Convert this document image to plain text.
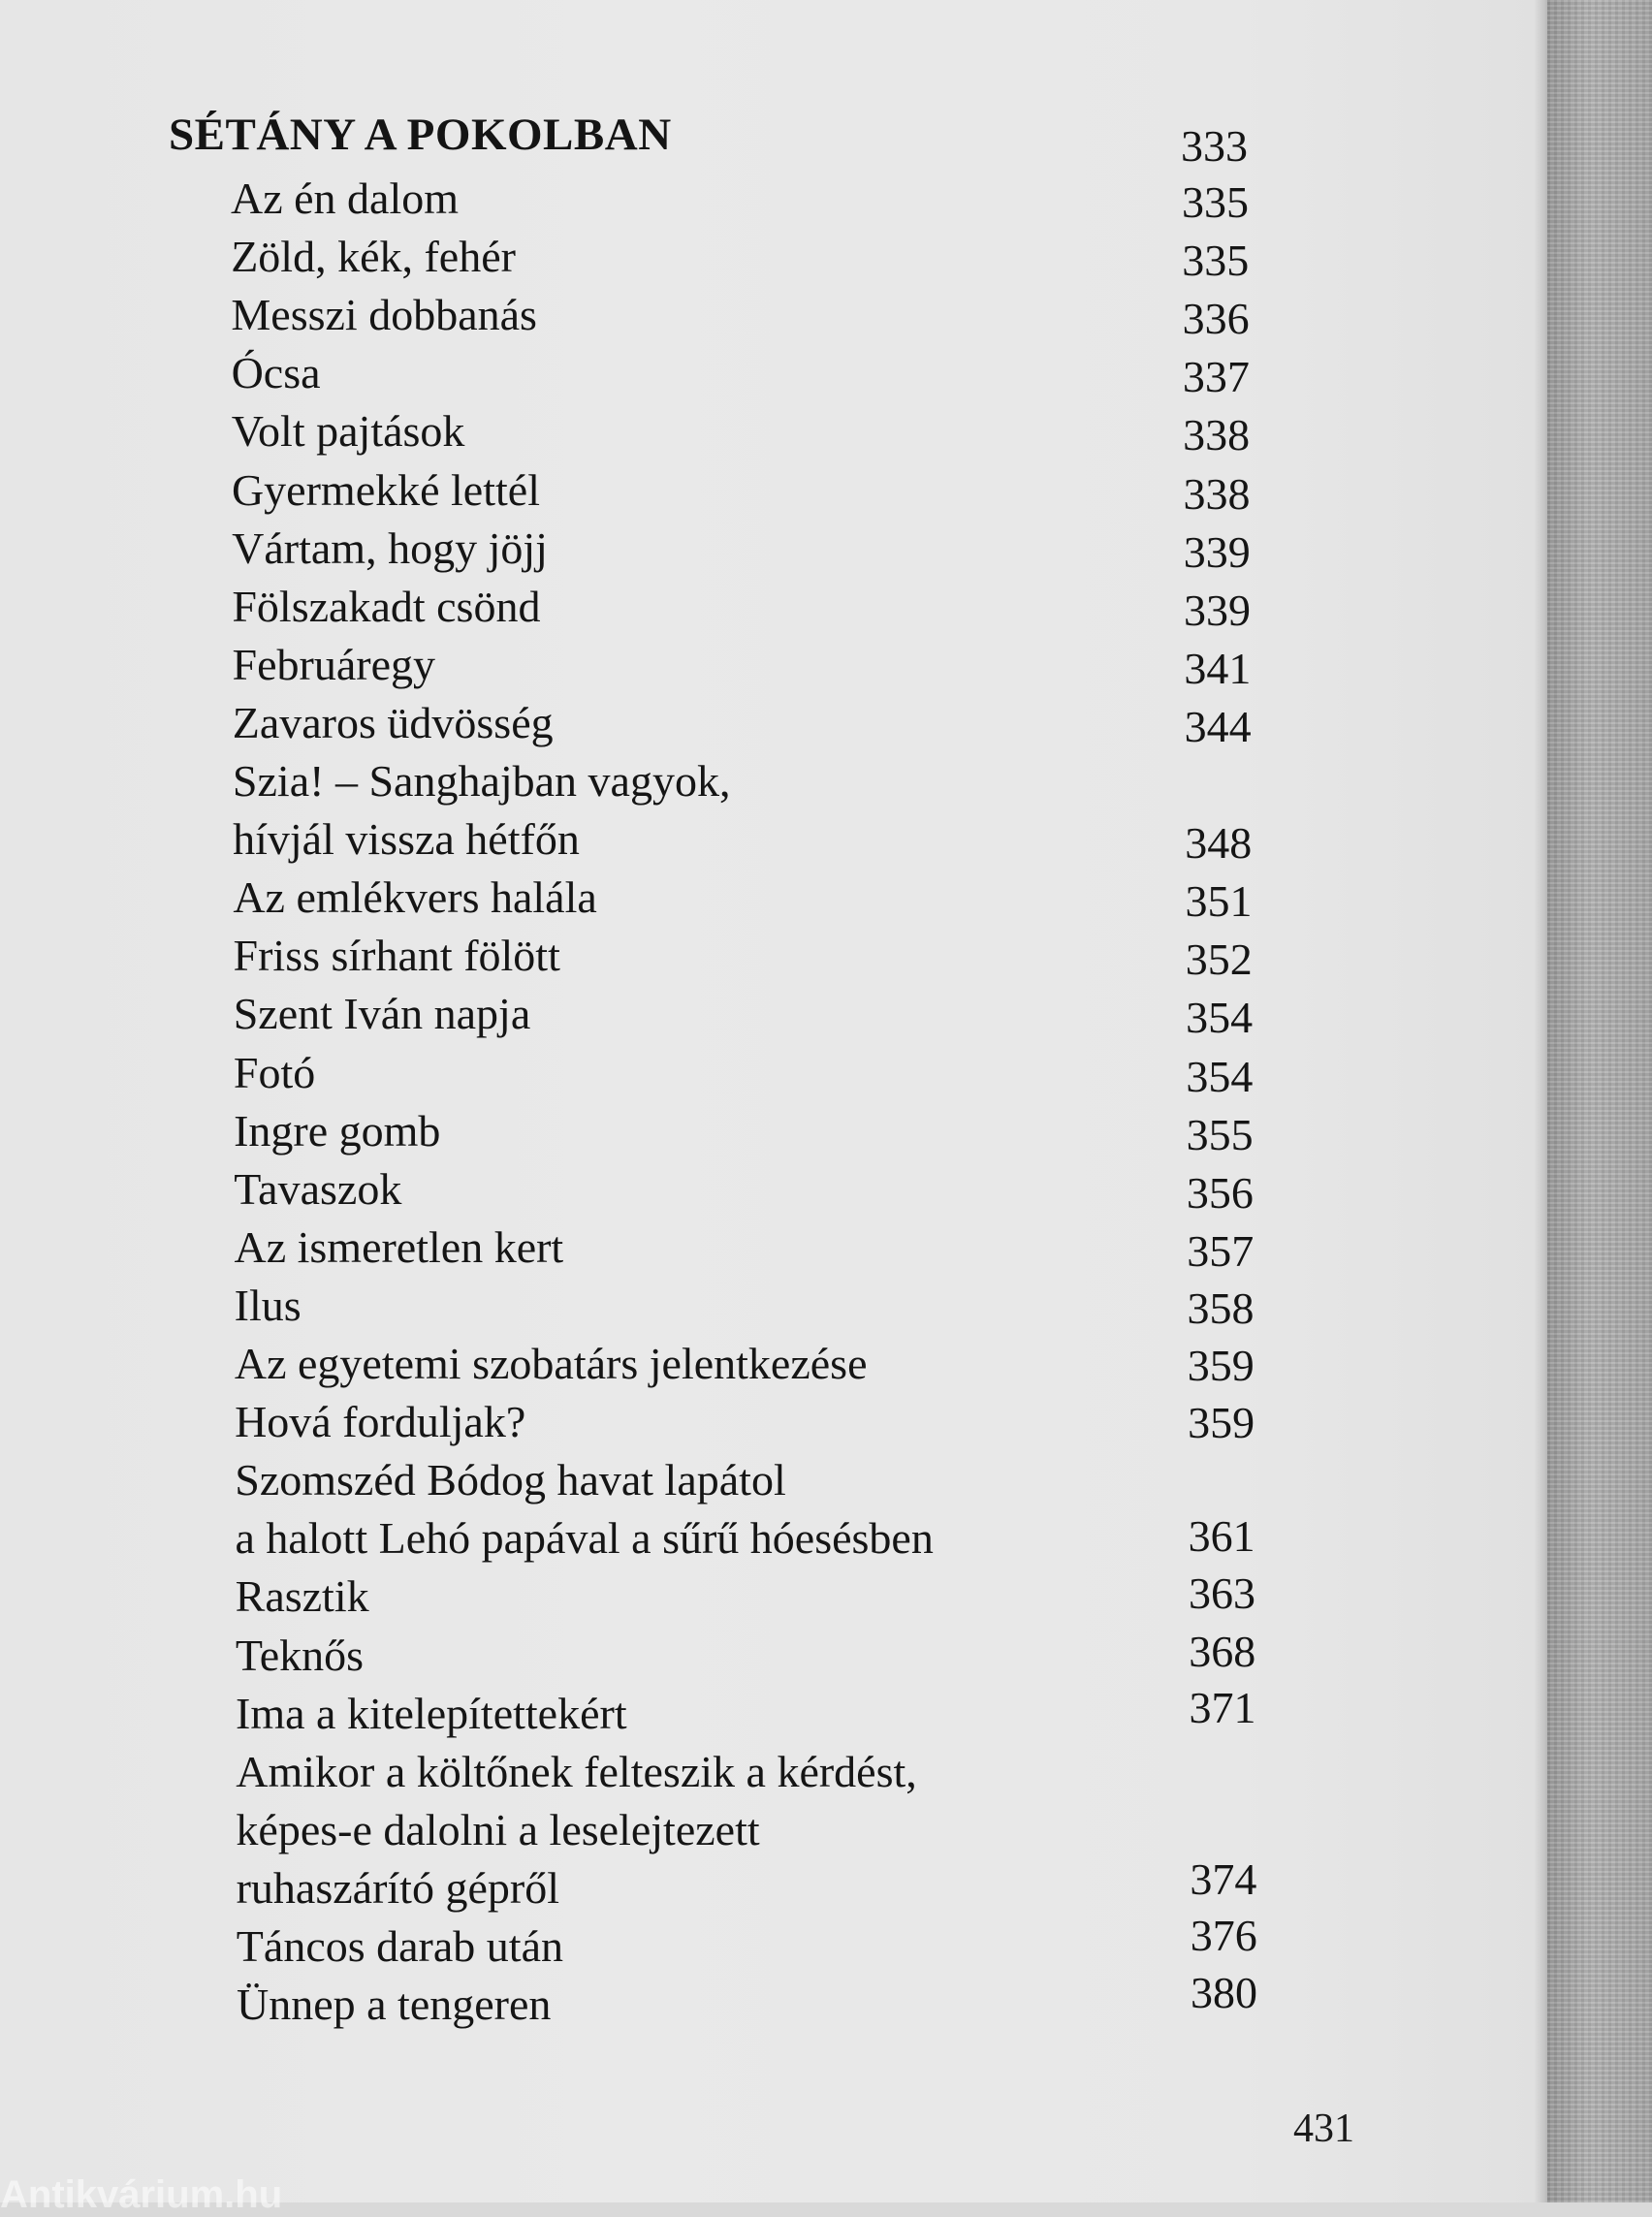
SÉTÁNY A POKOLBAN	333
Az én dalom	335
Zöld, kék, fehér	335
Messzi dobbanás	336
Ócsa	337
Volt pajtások	338
Gyermekké lettél	338
Vártam, hogy jöjj	339
Fölszakadt csönd	339
Februáregy	341
Zavaros üdvösség	344
Szia! – Sanghajban vagyok,
hívjál vissza hétfőn	348
Az emlékvers halála	351
Friss sírhant fölött	352
Szent Iván napja	354
Fotó	354
Ingre gomb	355
Tavaszok	356
Az ismeretlen kert	357
Ilus	358
Az egyetemi szobatárs jelentkezése	359
Hová forduljak?	359
Szomszéd Bódog havat lapátol
a halott Lehó papával a sűrű hóesésben	361
Rasztik	363
Teknős	368
Ima a kitelepítettekért	371
Amikor a költőnek felteszik a kérdést,
képes-e dalolni a leselejtezett
ruhaszárító gépről	374
Táncos darab után	376
Ünnep a tengeren	380
431
Antikvárium.hu
